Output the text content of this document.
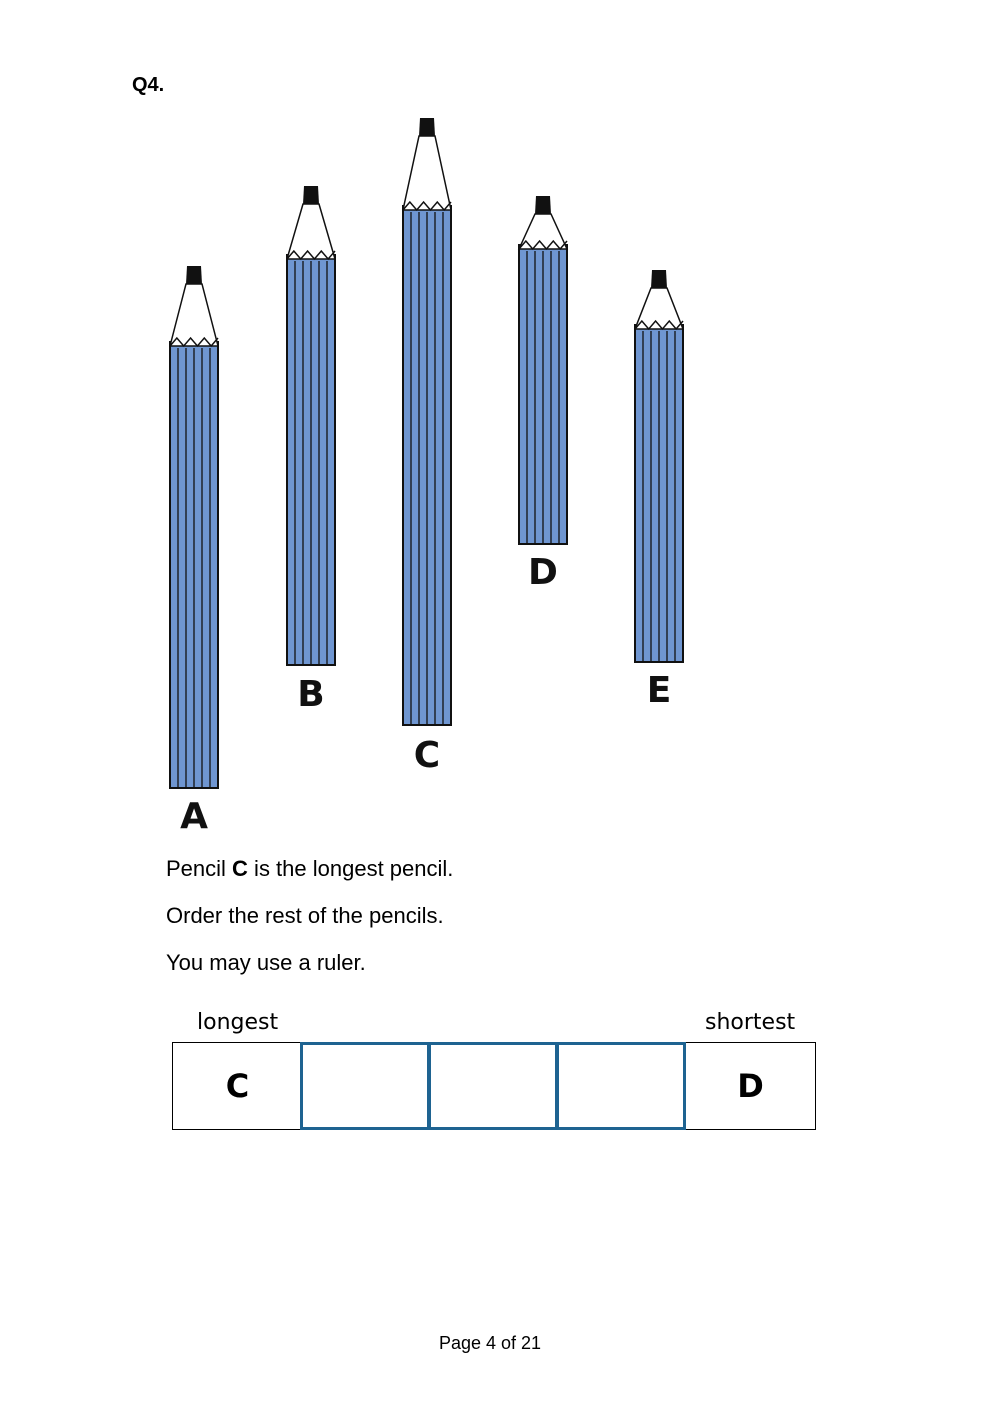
Q4.

A
B
C
D
E

Pencil C is the longest pencil.

Order the rest of the pencils.

You may use a ruler.

longest	shortest

C	D

Page 4 of 21
